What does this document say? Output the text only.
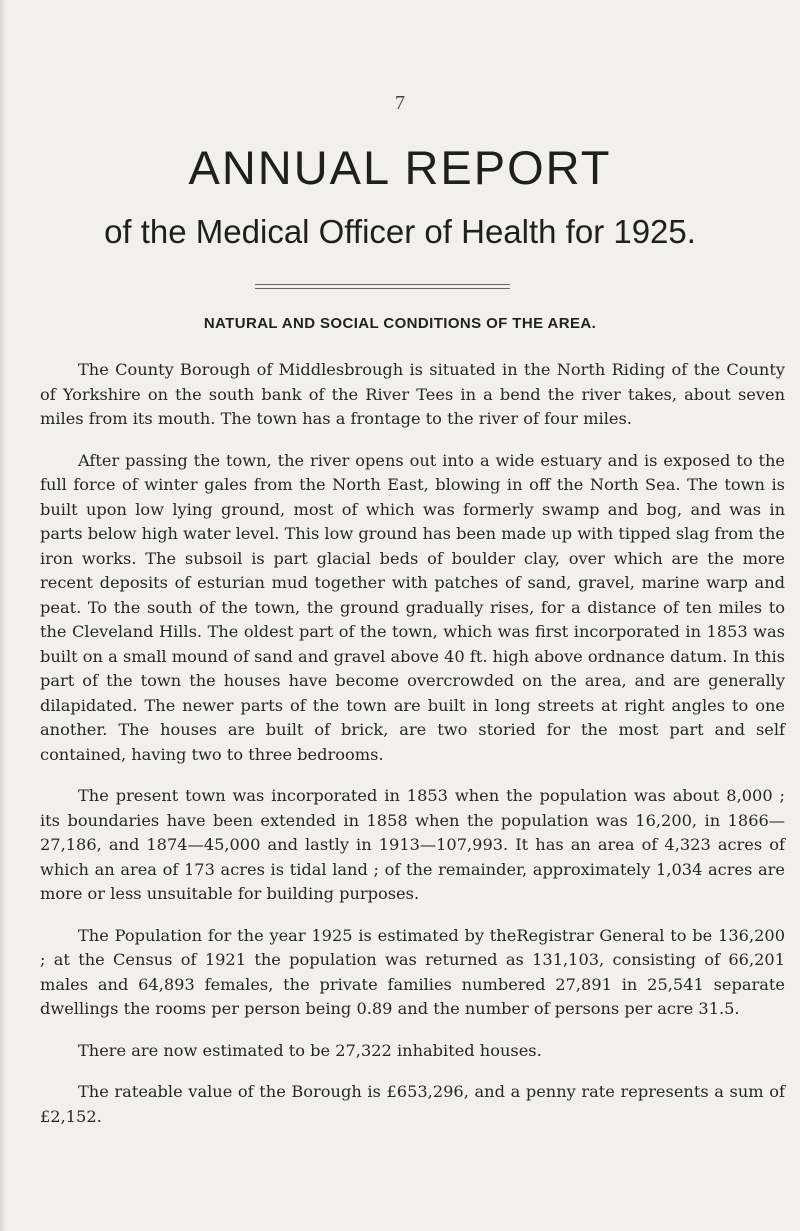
7
ANNUAL REPORT
of the Medical Officer of Health for 1925.
NATURAL AND SOCIAL CONDITIONS OF THE AREA.

The County Borough of Middlesbrough is situated in the North Riding of the County of Yorkshire on the south bank of the River Tees in a bend the river takes, about seven miles from its mouth. The town has a frontage to the river of four miles.

After passing the town, the river opens out into a wide estuary and is exposed to the full force of winter gales from the North East, blowing in off the North Sea. The town is built upon low lying ground, most of which was formerly swamp and bog, and was in parts below high water level. This low ground has been made up with tipped slag from the iron works. The subsoil is part glacial beds of boulder clay, over which are the more recent deposits of esturian mud together with patches of sand, gravel, marine warp and peat. To the south of the town, the ground gradually rises, for a distance of ten miles to the Cleveland Hills. The oldest part of the town, which was first incorporated in 1853 was built on a small mound of sand and gravel above 40 ft. high above ordnance datum. In this part of the town the houses have become overcrowded on the area, and are generally dilapidated. The newer parts of the town are built in long streets at right angles to one another. The houses are built of brick, are two storied for the most part and self contained, having two to three bedrooms.

The present town was incorporated in 1853 when the population was about 8,000 ; its boundaries have been extended in 1858 when the population was 16,200, in 1866— 27,186, and 1874—45,000 and lastly in 1913—107,993. It has an area of 4,323 acres of which an area of 173 acres is tidal land ; of the remainder, approximately 1,034 acres are more or less unsuitable for building purposes.

The Population for the year 1925 is estimated by theRegistrar General to be 136,200 ; at the Census of 1921 the population was returned as 131,103, consisting of 66,201 males and 64,893 females, the private families numbered 27,891 in 25,541 separate dwellings the rooms per person being 0.89 and the number of persons per acre 31.5.

There are now estimated to be 27,322 inhabited houses.

The rateable value of the Borough is £653,296, and a penny rate represents a sum of £2,152.
